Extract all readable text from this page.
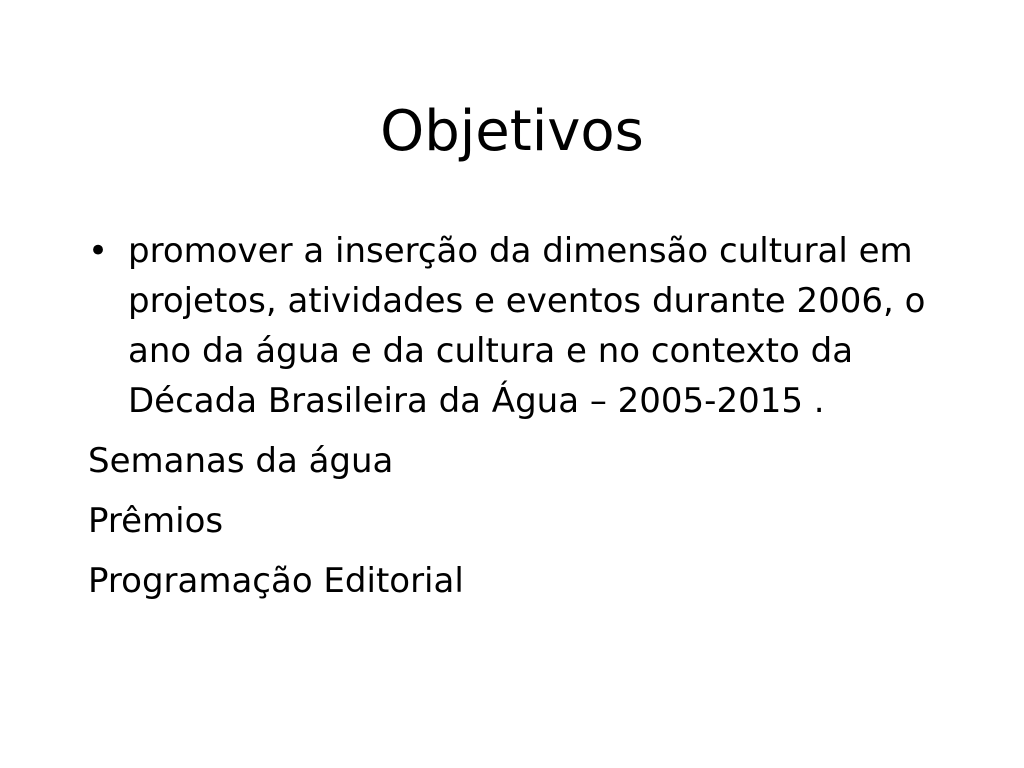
Objetivos
• promover a inserção da dimensão cultural em projetos, atividades e eventos durante 2006, o ano da água e da cultura e no contexto da Década Brasileira da Água – 2005-2015 .
Semanas da água
Prêmios
Programação Editorial
